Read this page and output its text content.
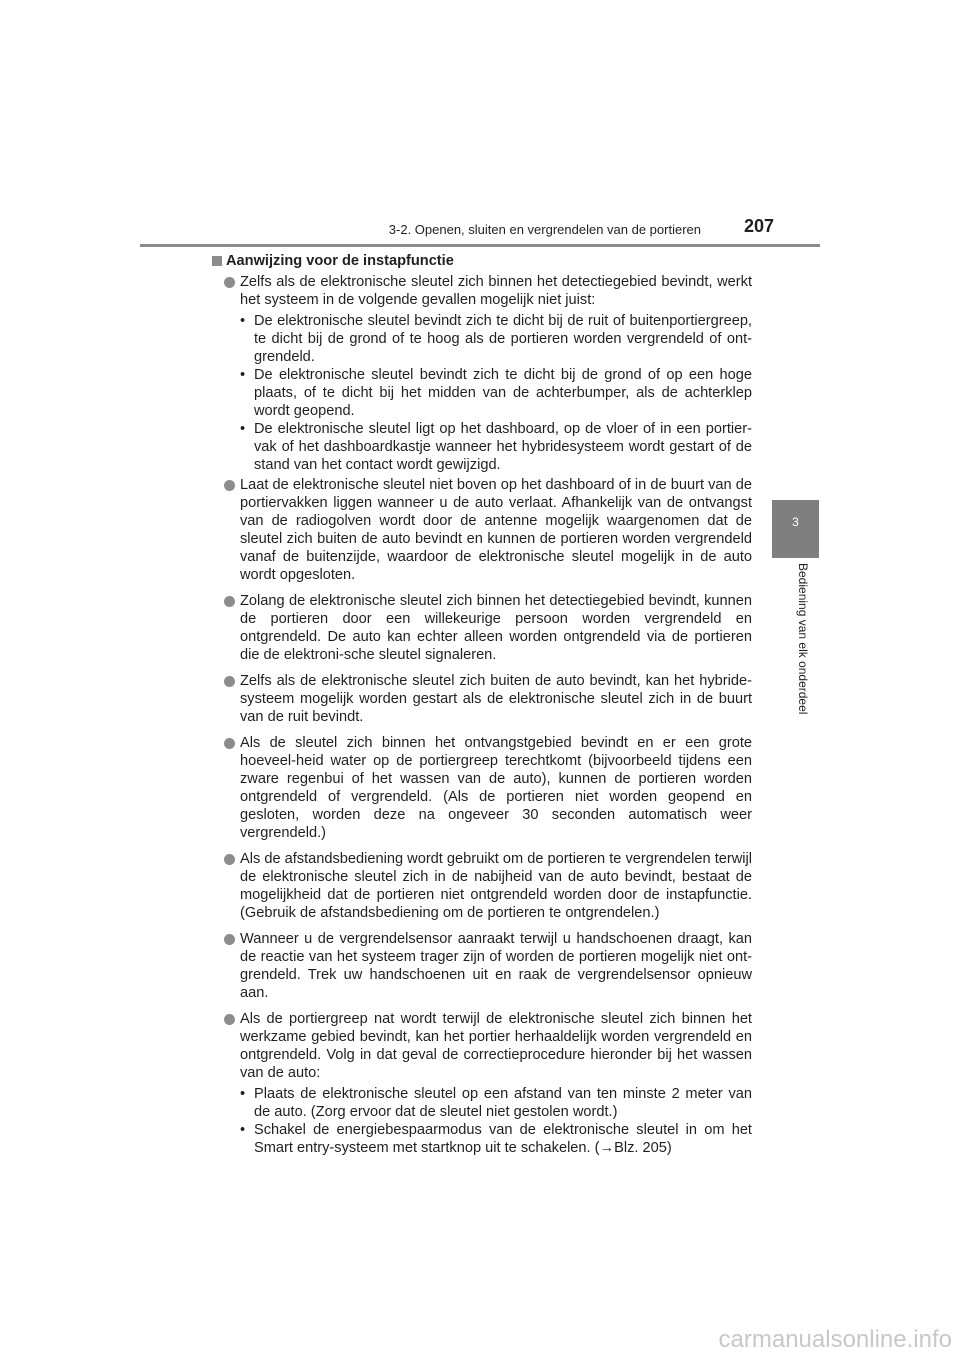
3-2. Openen, sluiten en vergrendelen van de portieren 207
3
Bediening van elk onderdeel
Aanwijzing voor de instapfunctie
Zelfs als de elektronische sleutel zich binnen het detectiegebied bevindt, werkt het systeem in de volgende gevallen mogelijk niet juist:
• De elektronische sleutel bevindt zich te dicht bij de ruit of buitenportiergreep, te dicht bij de grond of te hoog als de portieren worden vergrendeld of ont-grendeld.
• De elektronische sleutel bevindt zich te dicht bij de grond of op een hoge plaats, of te dicht bij het midden van de achterbumper, als de achterklep wordt geopend.
• De elektronische sleutel ligt op het dashboard, op de vloer of in een portier-vak of het dashboardkastje wanneer het hybridesysteem wordt gestart of de stand van het contact wordt gewijzigd.
Laat de elektronische sleutel niet boven op het dashboard of in de buurt van de portiervakken liggen wanneer u de auto verlaat. Afhankelijk van de ontvangst van de radiogolven wordt door de antenne mogelijk waargenomen dat de sleutel zich buiten de auto bevindt en kunnen de portieren worden vergrendeld vanaf de buitenzijde, waardoor de elektronische sleutel mogelijk in de auto wordt opgesloten.
Zolang de elektronische sleutel zich binnen het detectiegebied bevindt, kunnen de portieren door een willekeurige persoon worden vergrendeld en ontgrendeld. De auto kan echter alleen worden ontgrendeld via de portieren die de elektroni-sche sleutel signaleren.
Zelfs als de elektronische sleutel zich buiten de auto bevindt, kan het hybride-systeem mogelijk worden gestart als de elektronische sleutel zich in de buurt van de ruit bevindt.
Als de sleutel zich binnen het ontvangstgebied bevindt en er een grote hoeveel-heid water op de portiergreep terechtkomt (bijvoorbeeld tijdens een zware regenbui of het wassen van de auto), kunnen de portieren worden ontgrendeld of vergrendeld. (Als de portieren niet worden geopend en gesloten, worden deze na ongeveer 30 seconden automatisch weer vergrendeld.)
Als de afstandsbediening wordt gebruikt om de portieren te vergrendelen terwijl de elektronische sleutel zich in de nabijheid van de auto bevindt, bestaat de mogelijkheid dat de portieren niet ontgrendeld worden door de instapfunctie. (Gebruik de afstandsbediening om de portieren te ontgrendelen.)
Wanneer u de vergrendelsensor aanraakt terwijl u handschoenen draagt, kan de reactie van het systeem trager zijn of worden de portieren mogelijk niet ont-grendeld. Trek uw handschoenen uit en raak de vergrendelsensor opnieuw aan.
Als de portiergreep nat wordt terwijl de elektronische sleutel zich binnen het werkzame gebied bevindt, kan het portier herhaaldelijk worden vergrendeld en ontgrendeld. Volg in dat geval de correctieprocedure hieronder bij het wassen van de auto:
• Plaats de elektronische sleutel op een afstand van ten minste 2 meter van de auto. (Zorg ervoor dat de sleutel niet gestolen wordt.)
• Schakel de energiebespaarmodus van de elektronische sleutel in om het Smart entry-systeem met startknop uit te schakelen. (→Blz. 205)
carmanualsonline.info
